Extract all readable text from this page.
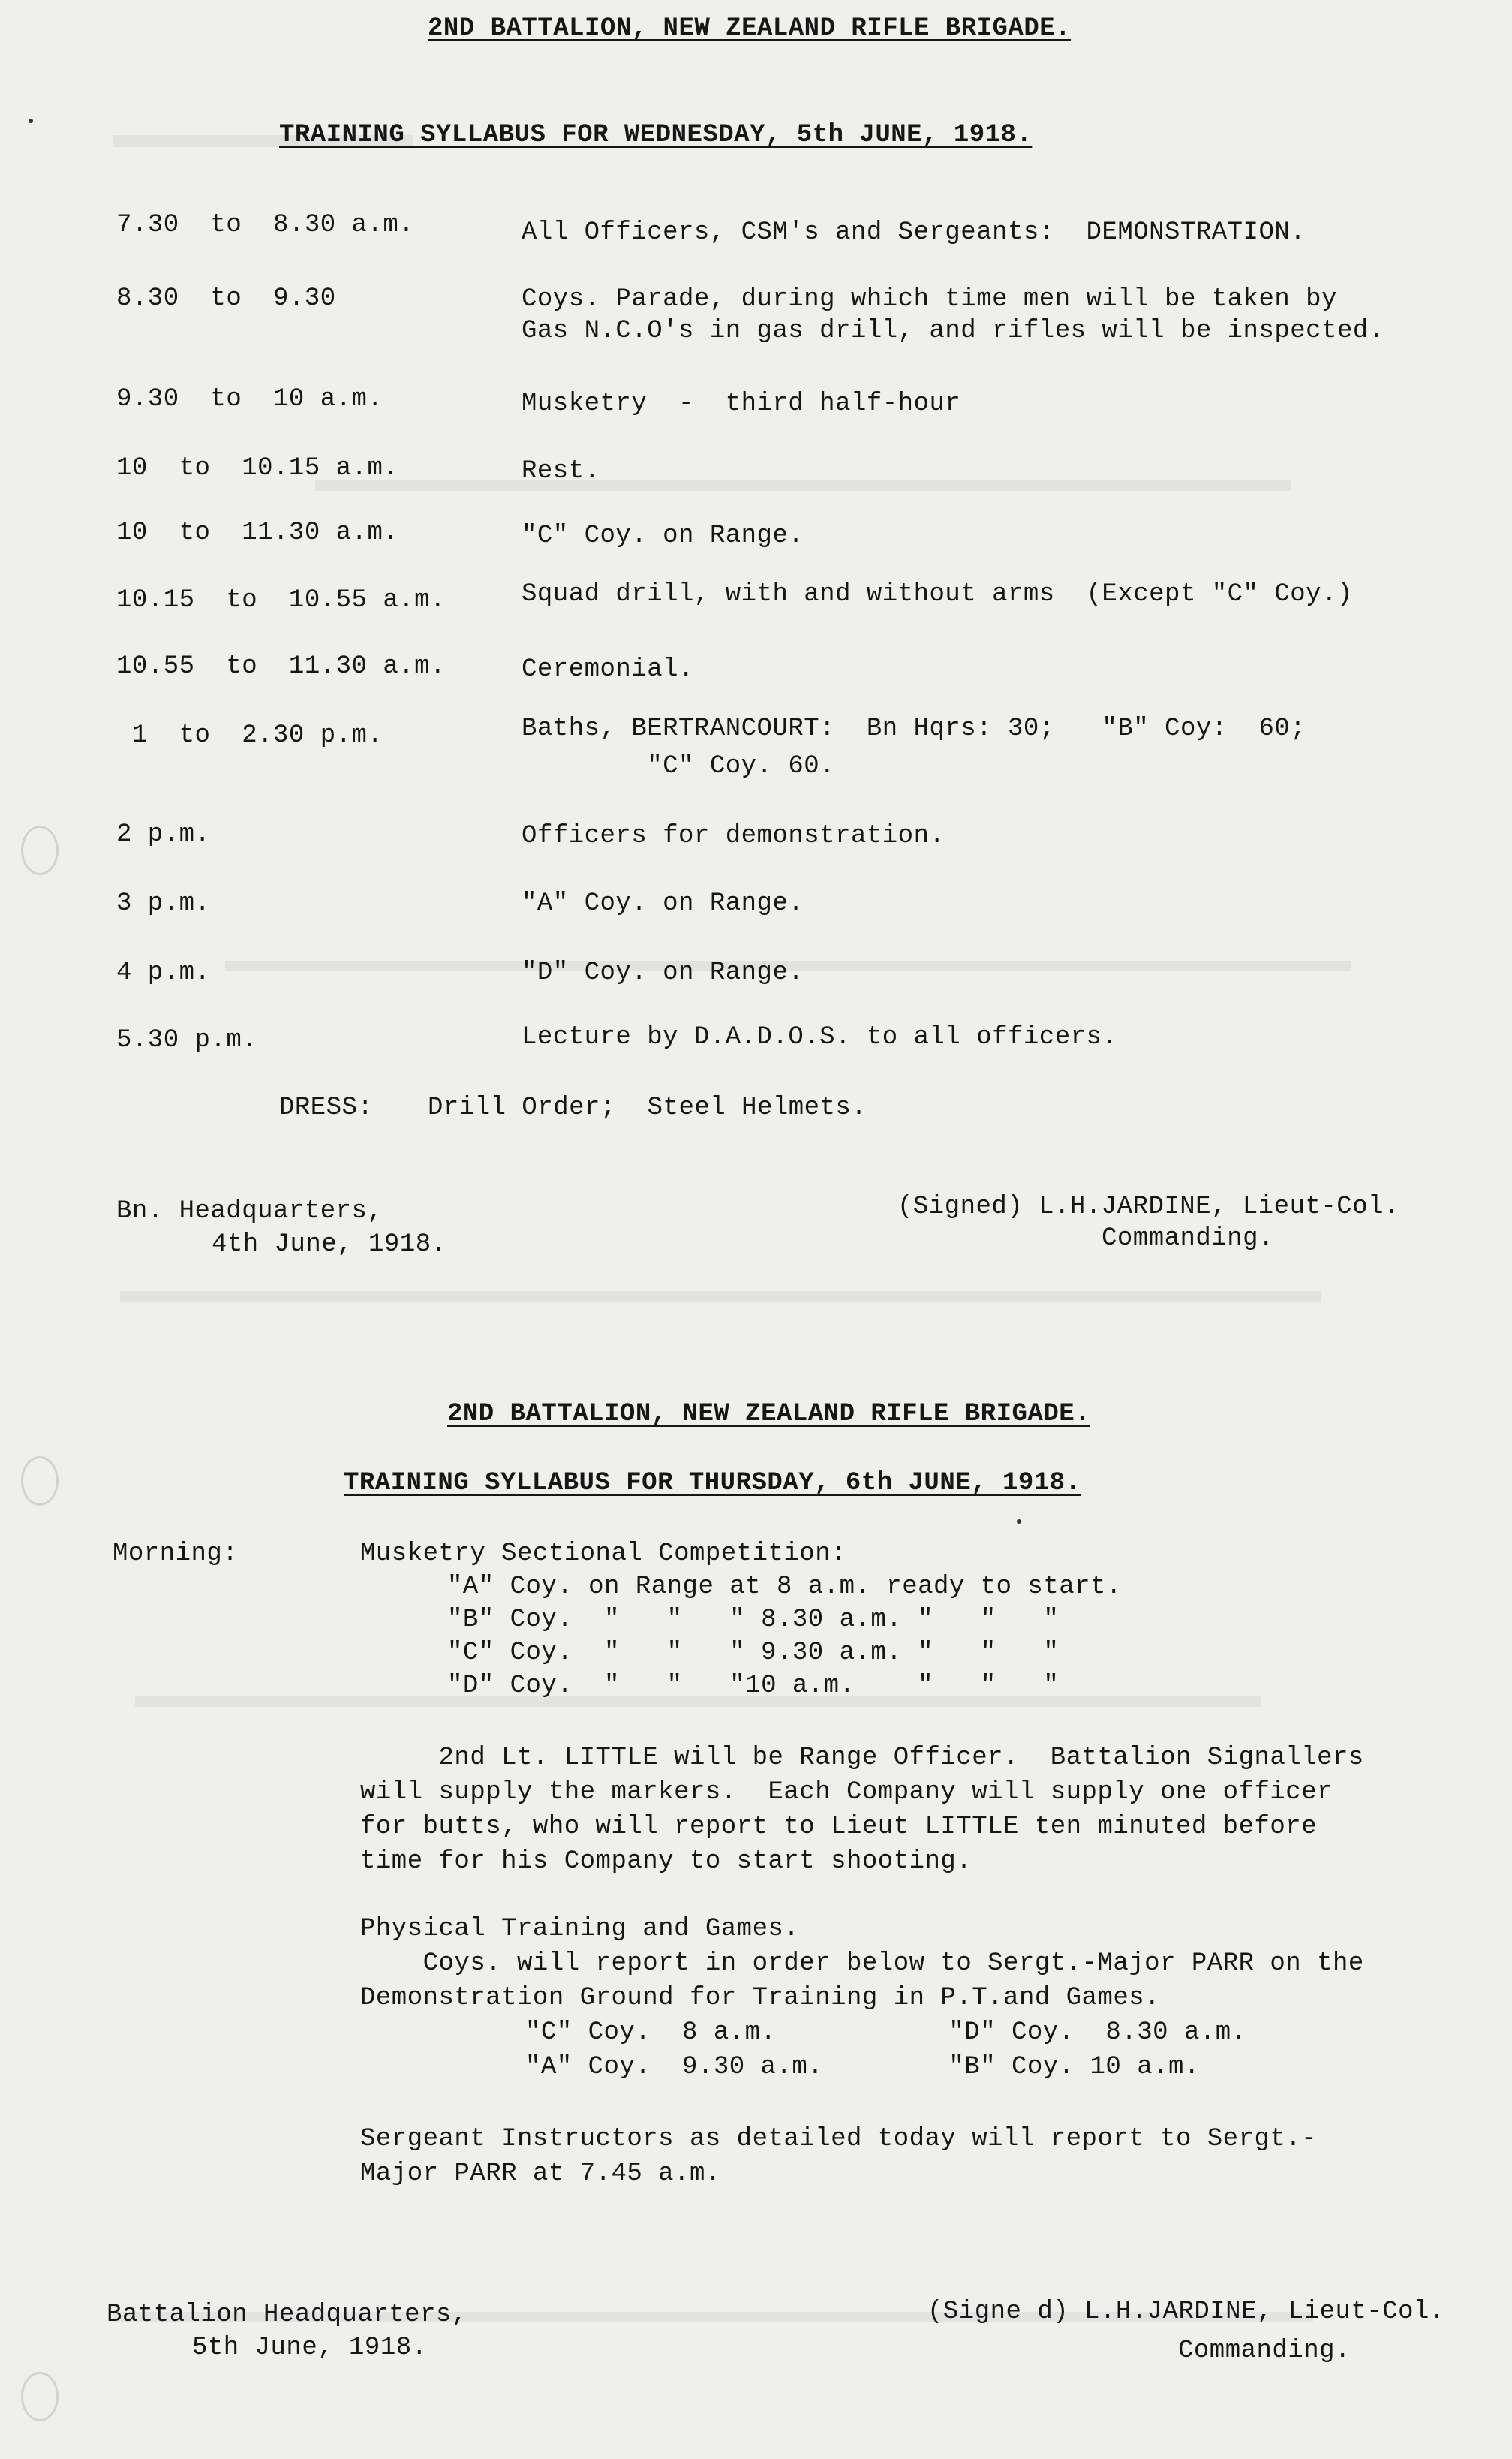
2ND BATTALION, NEW ZEALAND RIFLE BRIGADE.
TRAINING SYLLABUS FOR WEDNESDAY, 5th JUNE, 1918.
7.30  to  8.30 a.m.	All Officers, CSM's and Sergeants:  DEMONSTRATION.
8.30  to  9.30	Coys. Parade, during which time men will be taken by
Gas N.C.O's in gas drill, and rifles will be inspected.
9.30  to  10 a.m.	Musketry  -  third half-hour
10  to  10.15 a.m.	Rest.
10  to  11.30 a.m.	"C" Coy. on Range.
10.15  to  10.55 a.m.	Squad drill, with and without arms  (Except "C" Coy.)
10.55  to  11.30 a.m.	Ceremonial.
1  to  2.30 p.m.	Baths, BERTRANCOURT:  Bn Hqrs: 30;   "B" Coy:  60;
"C" Coy. 60.
2 p.m.	Officers for demonstration.
3 p.m.	"A" Coy. on Range.
4 p.m.	"D" Coy. on Range.
5.30 p.m.	Lecture by D.A.D.O.S. to all officers.
DRESS: Drill Order;  Steel Helmets.
Bn. Headquarters,
4th June, 1918.
(Signed) L.H.JARDINE, Lieut-Col.
Commanding.
2ND BATTALION, NEW ZEALAND RIFLE BRIGADE.
TRAINING SYLLABUS FOR THURSDAY, 6th JUNE, 1918.
Morning:	Musketry Sectional Competition:
"A" Coy. on Range at 8 a.m. ready to start.
"B" Coy.  "   "   " 8.30 a.m. "   "   "
"C" Coy.  "   "   " 9.30 a.m. "   "   "
"D" Coy.  "   "   "10 a.m.    "   "   "
2nd Lt. LITTLE will be Range Officer.  Battalion Signallers
will supply the markers.  Each Company will supply one officer
for butts, who will report to Lieut LITTLE ten minuted before
time for his Company to start shooting.
Physical Training and Games.
Coys. will report in order below to Sergt.-Major PARR on the
Demonstration Ground for Training in P.T.and Games.
"C" Coy.  8 a.m.           "D" Coy.  8.30 a.m.
"A" Coy.  9.30 a.m.        "B" Coy. 10 a.m.
Sergeant Instructors as detailed today will report to Sergt.-
Major PARR at 7.45 a.m.
Battalion Headquarters,
5th June, 1918.
(Signe d) L.H.JARDINE, Lieut-Col.
Commanding.
